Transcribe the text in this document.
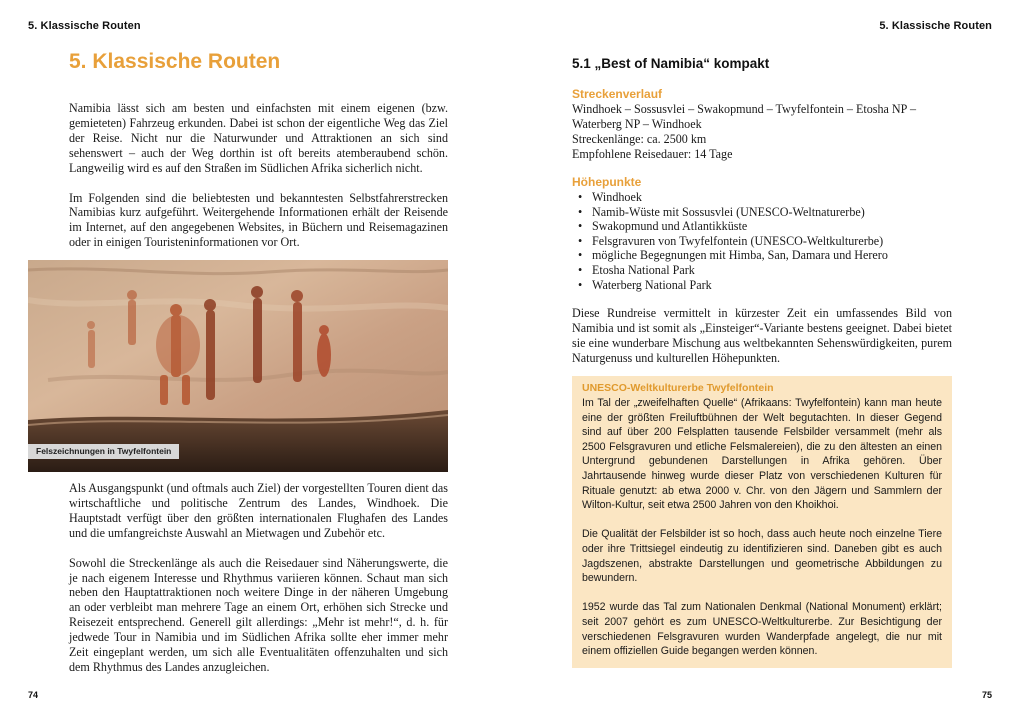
5. Klassische Routen
5. Klassische Routen

Namibia lässt sich am besten und einfachsten mit einem eigenen (bzw. gemieteten) Fahrzeug erkunden. Dabei ist schon der eigentliche Weg das Ziel der Reise. Nicht nur die Naturwunder und Attraktionen an sich sind sehenswert – auch der Weg dorthin ist oft bereits atemberaubend schön. Langweilig wird es auf den Straßen im Südlichen Afrika sicherlich nicht.

Im Folgenden sind die beliebtesten und bekanntesten Selbstfahrerstrecken Namibias kurz aufgeführt. Weitergehende Informationen erhält der Reisende im Internet, auf den angegebenen Websites, in Büchern und Reisemagazinen oder in einigen Touristeninformationen vor Ort.

Felszeichnungen in Twyfelfontein

Als Ausgangspunkt (und oftmals auch Ziel) der vorgestellten Touren dient das wirtschaftliche und politische Zentrum des Landes, Windhoek. Die Hauptstadt verfügt über den größten internationalen Flughafen des Landes und die umfangreichste Auswahl an Mietwagen und Zubehör etc.

Sowohl die Streckenlänge als auch die Reisedauer sind Näherungswerte, die je nach eigenem Interesse und Rhythmus variieren können. Schaut man sich neben den Hauptattraktionen noch weitere Dinge in der näheren Umgebung an oder verbleibt man mehrere Tage an einem Ort, erhöhen sich Strecke und Reisezeit entsprechend. Generell gilt allerdings: „Mehr ist mehr!“, d. h. für jedwede Tour in Namibia und im Südlichen Afrika sollte eher immer mehr Zeit eingeplant werden, um sich alle Eventualitäten offenzuhalten und sich dem Rhythmus des Landes anzugleichen.

74
5. Klassische Routen
5.1 „Best of Namibia“ kompakt
Streckenverlauf

Windhoek – Sossusvlei – Swakopmund – Twyfelfontein – Etosha NP – Waterberg NP – Windhoek

Streckenlänge: ca. 2500 km

Empfohlene Reisedauer: 14 Tage

Höhepunkte
• Windhoek
• Namib-Wüste mit Sossusvlei (UNESCO-Weltnaturerbe)
• Swakopmund und Atlantikküste
• Felsgravuren von Twyfelfontein (UNESCO-Weltkulturerbe)
• mögliche Begegnungen mit Himba, San, Damara und Herero
• Etosha National Park
• Waterberg National Park

Diese Rundreise vermittelt in kürzester Zeit ein umfassendes Bild von Namibia und ist somit als „Einsteiger“-Variante bestens geeignet. Dabei bietet sie eine wunderbare Mischung aus weltbekannten Sehenswürdigkeiten, purem Naturgenuss und kulturellen Höhepunkten.

UNESCO-Weltkulturerbe Twyfelfontein

Im Tal der „zweifelhaften Quelle“ (Afrikaans: Twyfelfontein) kann man heute eine der größten Freiluftbühnen der Welt begutachten. In dieser Gegend sind auf über 200 Felsplatten tausende Felsbilder versammelt (mehr als 2500 Felsgravuren und etliche Felsmalereien), die zu den ältesten an einen Untergrund gebundenen Darstellungen in Afrika gehören. Über Jahrtausende hinweg wurde dieser Platz von verschiedenen Kulturen für Rituale genutzt: ab etwa 2000 v. Chr. von den Jägern und Sammlern der Wilton-Kultur, seit etwa 2500 Jahren von den Khoikhoi.

Die Qualität der Felsbilder ist so hoch, dass auch heute noch einzelne Tiere oder ihre Trittsiegel eindeutig zu identifizieren sind. Daneben gibt es auch Jagdszenen, abstrakte Darstellungen und geometrische Abbildungen zu bewundern.

1952 wurde das Tal zum Nationalen Denkmal (National Monument) erklärt; seit 2007 gehört es zum UNESCO-Weltkulturerbe. Zur Besichtigung der verschiedenen Felsgravuren wurden Wanderpfade angelegt, die nur mit einem offiziellen Guide begangen werden können.

75
